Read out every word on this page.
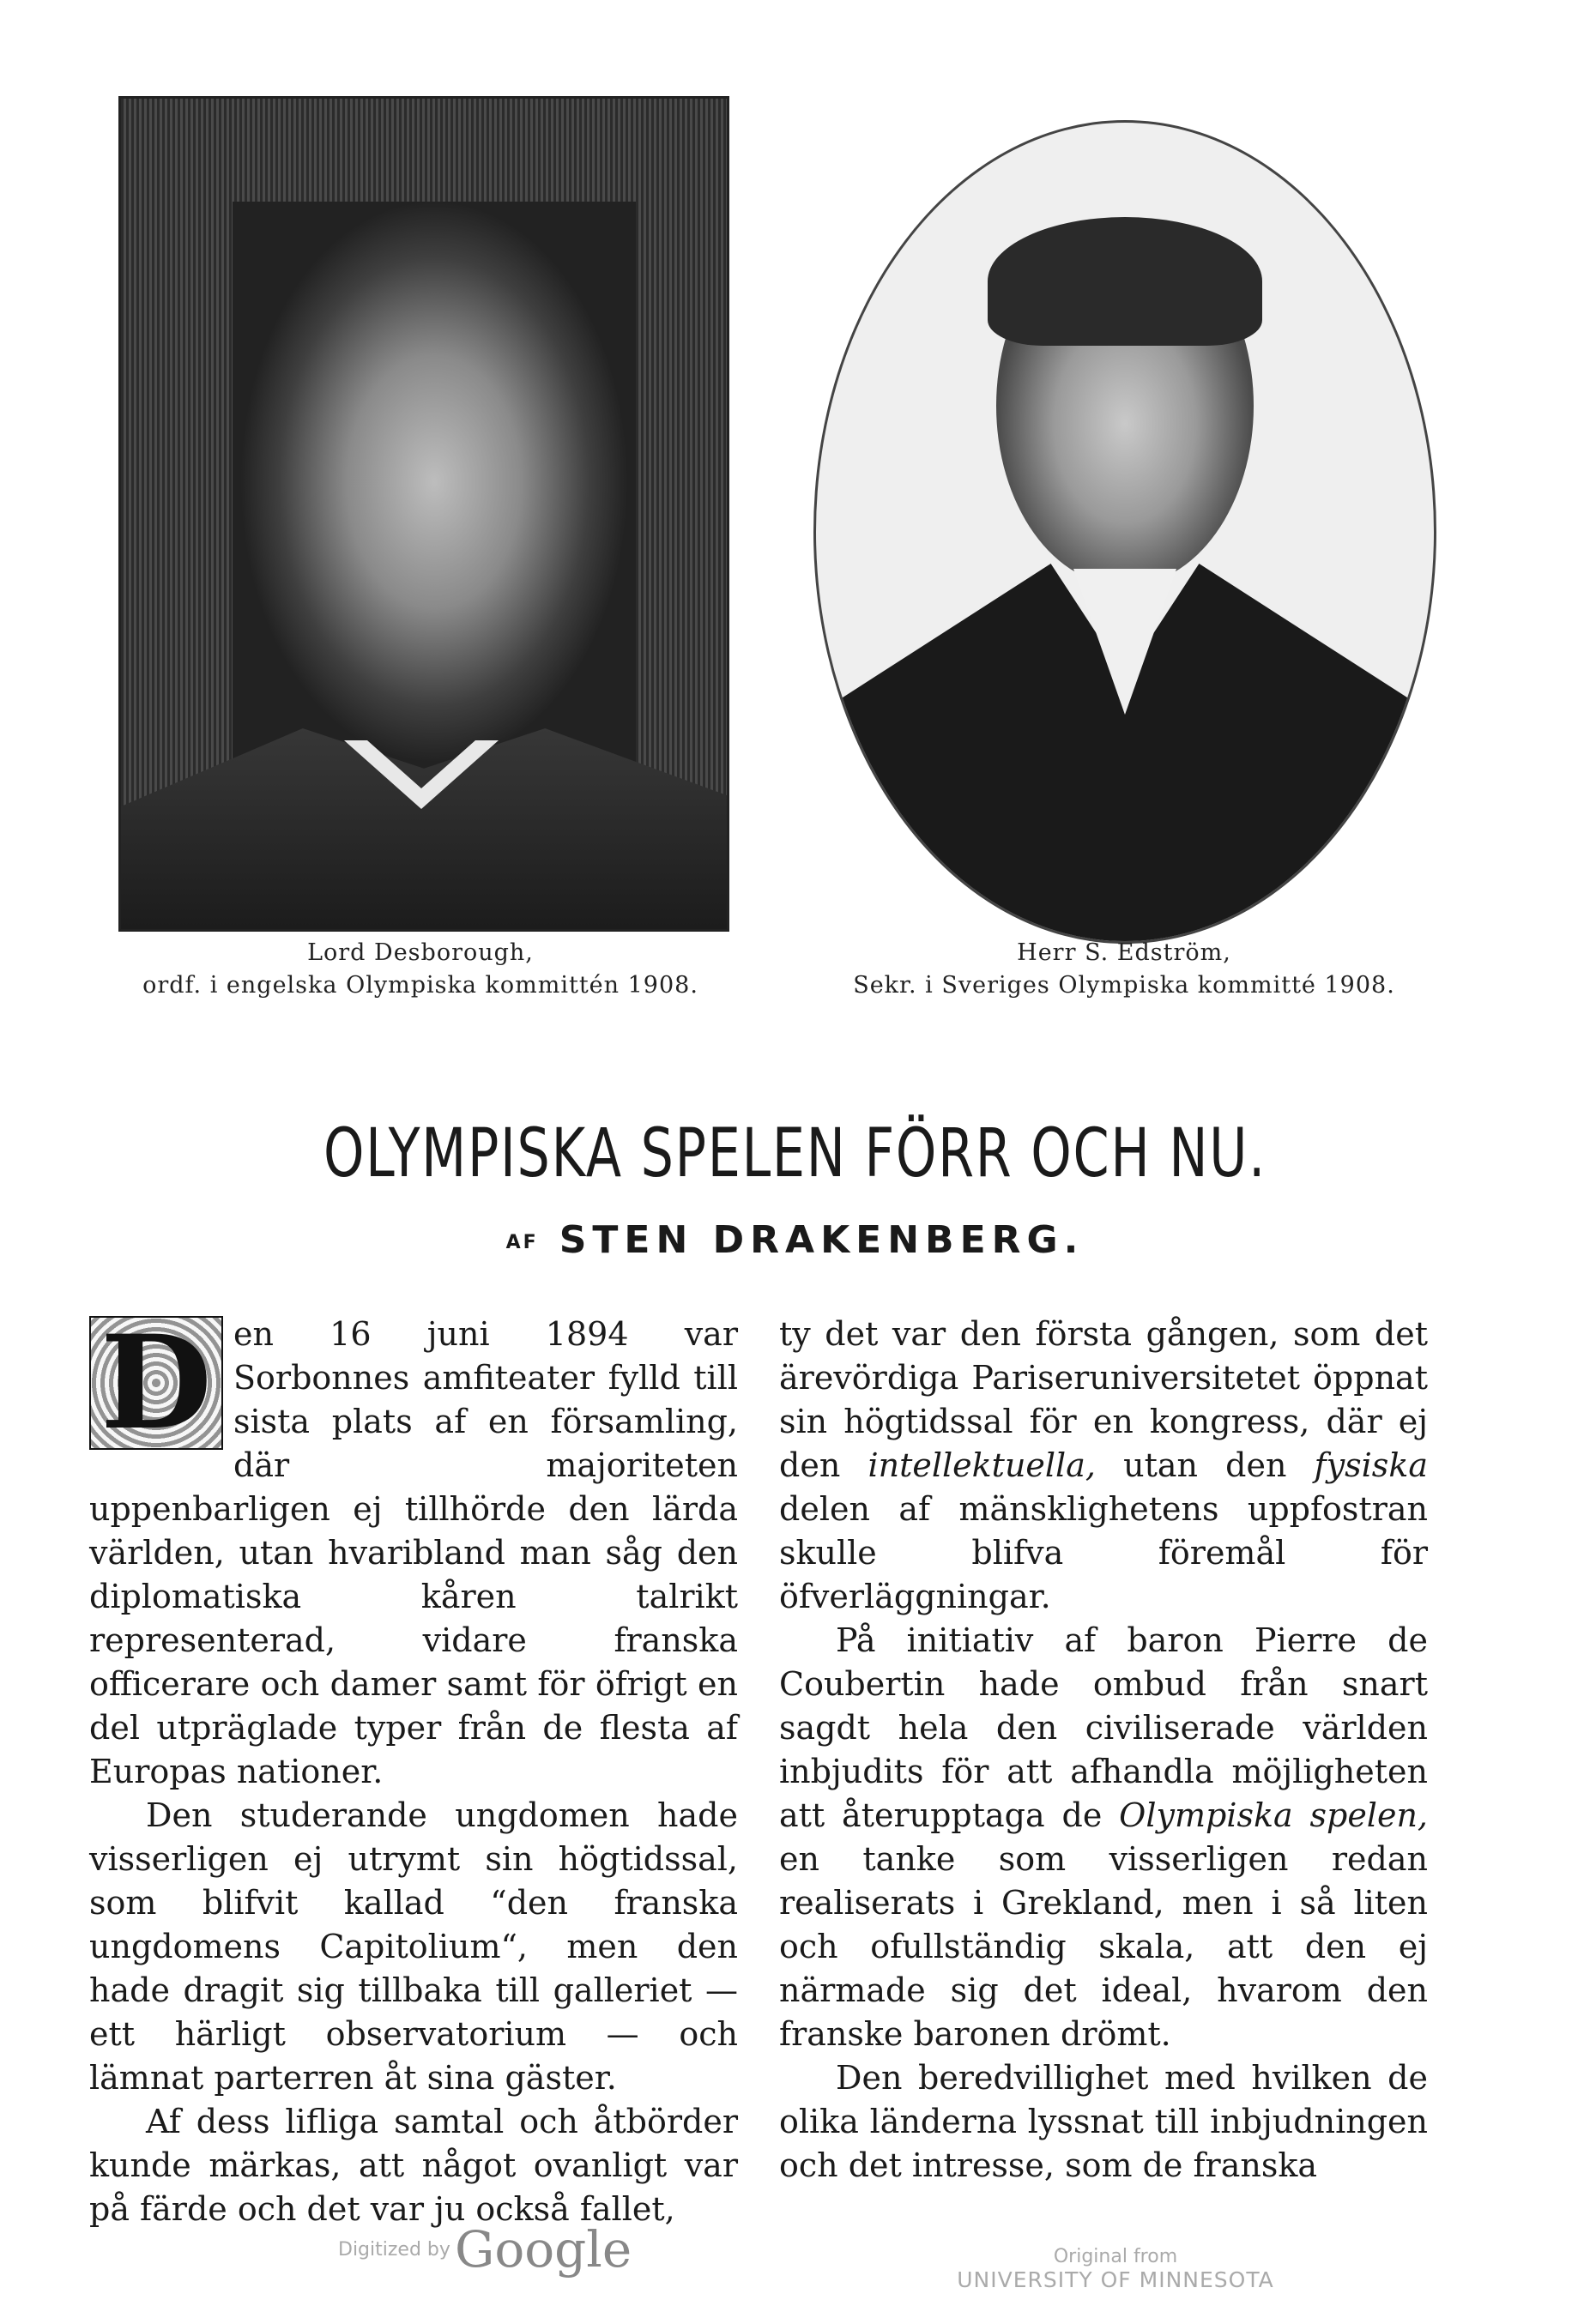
Lord Desborough,
ordf. i engelska Olympiska kommittén 1908.
Herr S. Edström,
Sekr. i Sveriges Olympiska kommitté 1908.
OLYMPISKA SPELEN FÖRR OCH NU.
AF STEN DRAKENBERG.
D en 16 juni 1894 var Sorbonnes amfiteater fylld till sista plats af en församling, där majoriteten uppenbarligen ej tillhörde den lärda världen, utan hvaribland man såg den diplomatiska kåren talrikt representerad, vidare franska officerare och damer samt för öfrigt en del utpräglade typer från de flesta af Europas nationer.

Den studerande ungdomen hade visserligen ej utrymt sin högtidssal, som blifvit kallad “den franska ungdomens Capitolium“, men den hade dragit sig tillbaka till galleriet — ett härligt observatorium — och lämnat parterren åt sina gäster.

Af dess lifliga samtal och åtbörder kunde märkas, att något ovanligt var på färde och det var ju också fallet,

ty det var den första gången, som det ärevördiga Pariseruniversitetet öppnat sin högtidssal för en kongress, där ej den intellektuella, utan den fysiska delen af mänsklighetens uppfostran skulle blifva föremål för öfverläggningar.

På initiativ af baron Pierre de Coubertin hade ombud från snart sagdt hela den civiliserade världen inbjudits för att afhandla möjligheten att återupptaga de Olympiska spelen, en tanke som visserligen redan realiserats i Grekland, men i så liten och ofullständig skala, att den ej närmade sig det ideal, hvarom den franske baronen drömt.

Den beredvillighet med hvilken de olika länderna lyssnat till inbjudningen och det intresse, som de franska

Digitized by Google	Original from
UNIVERSITY OF MINNESOTA
